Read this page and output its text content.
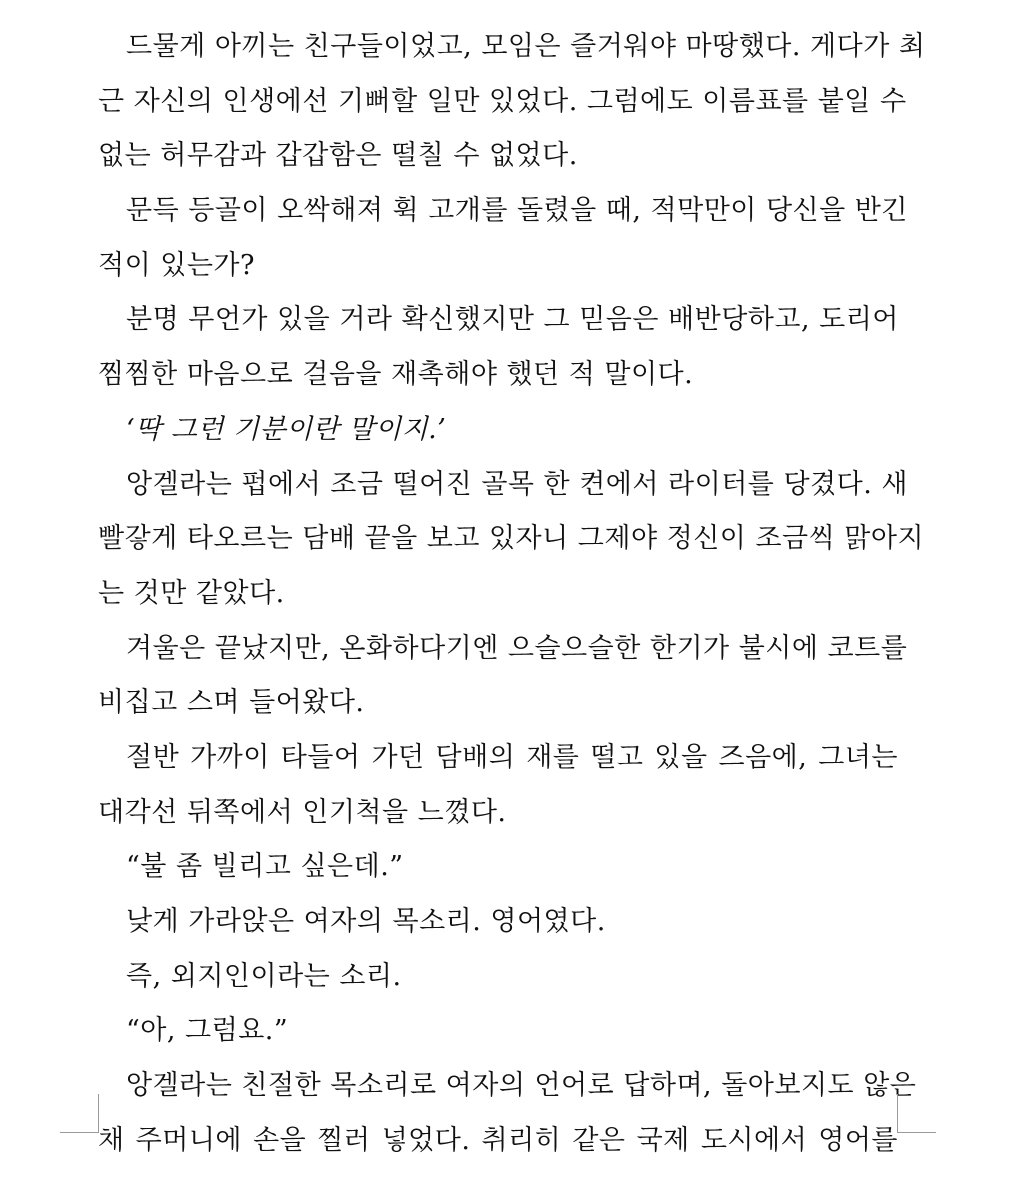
드물게 아끼는 친구들이었고, 모임은 즐거워야 마땅했다. 게다가 최
근 자신의 인생에선 기뻐할 일만 있었다. 그럼에도 이름표를 붙일 수
없는 허무감과 갑갑함은 떨칠 수 없었다.
문득 등골이 오싹해져 휙 고개를 돌렸을 때, 적막만이 당신을 반긴
적이 있는가?
분명 무언가 있을 거라 확신했지만 그 믿음은 배반당하고, 도리어
찜찜한 마음으로 걸음을 재촉해야 했던 적 말이다.
‘딱 그런 기분이란 말이지.’
앙겔라는 펍에서 조금 떨어진 골목 한 켠에서 라이터를 당겼다. 새
빨갛게 타오르는 담배 끝을 보고 있자니 그제야 정신이 조금씩 맑아지
는 것만 같았다.
겨울은 끝났지만, 온화하다기엔 으슬으슬한 한기가 불시에 코트를
비집고 스며 들어왔다.
절반 가까이 타들어 가던 담배의 재를 떨고 있을 즈음에, 그녀는
대각선 뒤쪽에서 인기척을 느꼈다.
“불 좀 빌리고 싶은데.”
낮게 가라앉은 여자의 목소리. 영어였다.
즉, 외지인이라는 소리.
“아, 그럼요.”
앙겔라는 친절한 목소리로 여자의 언어로 답하며, 돌아보지도 않은
채 주머니에 손을 찔러 넣었다. 취리히 같은 국제 도시에서 영어를
